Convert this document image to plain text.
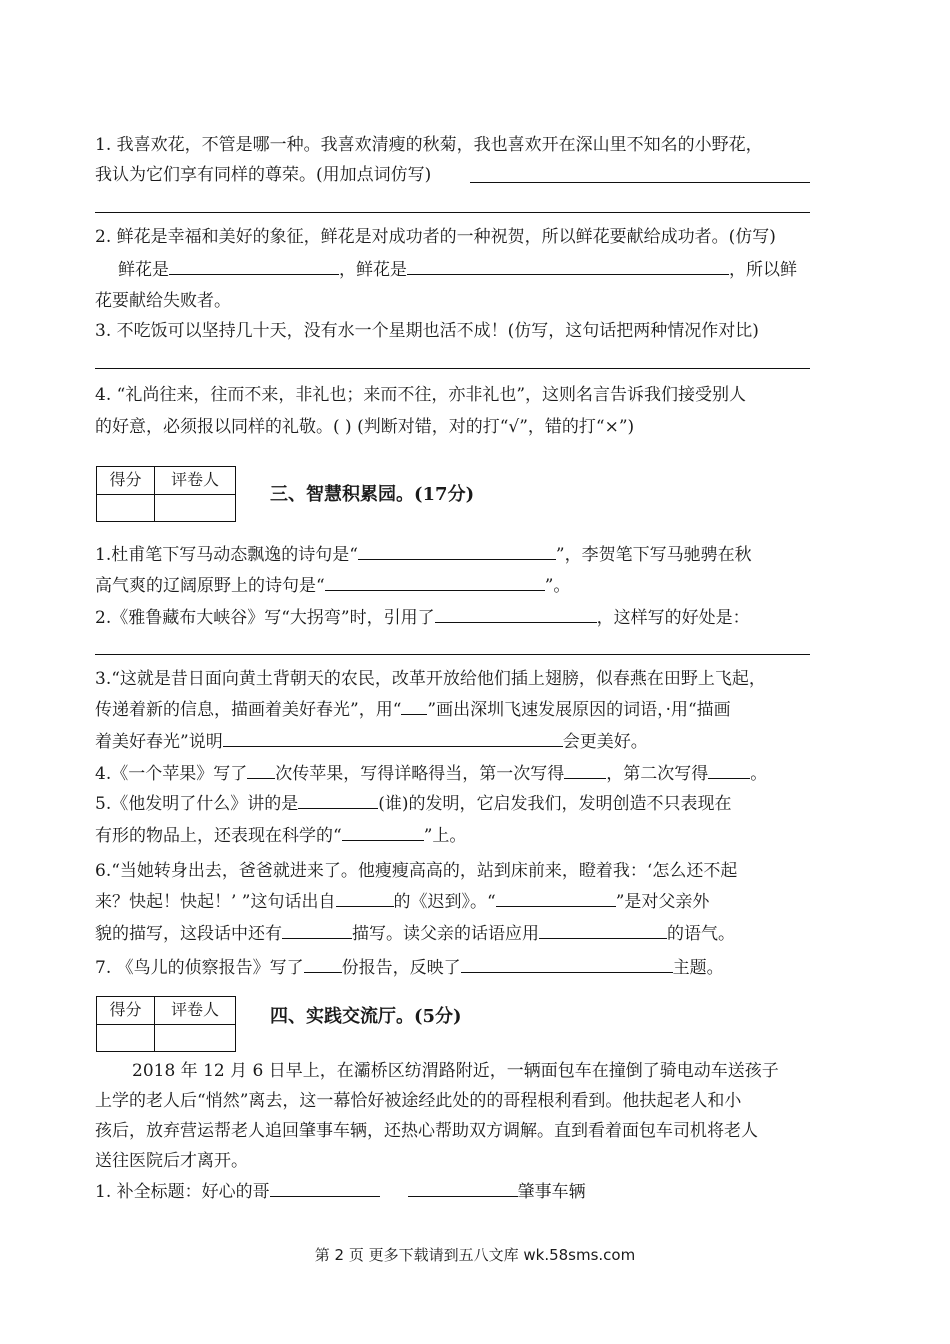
1. 我喜欢花，不管是哪一种。我喜欢清瘦的秋菊，我也喜欢开在深山里不知名的小野花，
我认为它们享有同样的尊荣。(用加点词仿写)
2. 鲜花是幸福和美好的象征，鲜花是对成功者的一种祝贺，所以鲜花要献给成功者。(仿写)
鲜花是	，鲜花是	，所以鲜
花要献给失败者。
3. 不吃饭可以坚持几十天，没有水一个星期也活不成！(仿写，这句话把两种情况作对比)
4. “礼尚往来，往而不来，非礼也；来而不往，亦非礼也”，这则名言告诉我们接受别人
的好意，必须报以同样的礼敬。( ) (判断对错，对的打“√”，错的打“×”)
得分	评卷人
三、智慧积累园。(17分)
1.杜甫笔下写马动态飘逸的诗句是“	”，李贺笔下写马驰骋在秋
高气爽的辽阔原野上的诗句是“	”。
2.《雅鲁藏布大峡谷》写“大拐弯”时，引用了	，这样写的好处是：
3.“这就是昔日面向黄土背朝天的农民，改革开放给他们插上翅膀，似春燕在田野上飞起，
传递着新的信息，描画着美好春光”，用“ ”画出深圳飞速发展原因的词语，·用“描画
着美好春光”说明	会更美好。
4.《一个苹果》写了 次传苹果，写得详略得当，第一次写得 ，第二次写得 。
5.《他发明了什么》讲的是	(谁)的发明，它启发我们，发明创造不只表现在
有形的物品上，还表现在科学的“	”上。
6.“当她转身出去，爸爸就进来了。他瘦瘦高高的，站到床前来，瞪着我：‘怎么还不起
来？快起！快起！’ ”这句话出自	的《迟到》。“	”是对父亲外
貌的描写，这段话中还有	描写。读父亲的话语应用	的语气。
7. 《鸟儿的侦察报告》写了 份报告，反映了	主题。
得分	评卷人	四、实践交流厅。(5分)
2018 年 12 月 6 日早上，在灞桥区纺渭路附近，一辆面包车在撞倒了骑电动车送孩子
上学的老人后“悄然”离去，这一幕恰好被途经此处的的哥程根利看到。他扶起老人和小
孩后，放弃营运帮老人追回肇事车辆，还热心帮助双方调解。直到看着面包车司机将老人
送往医院后才离开。
1. 补全标题：好心的哥	肇事车辆
第 2 页 更多下载请到五八文库 wk.58sms.com
